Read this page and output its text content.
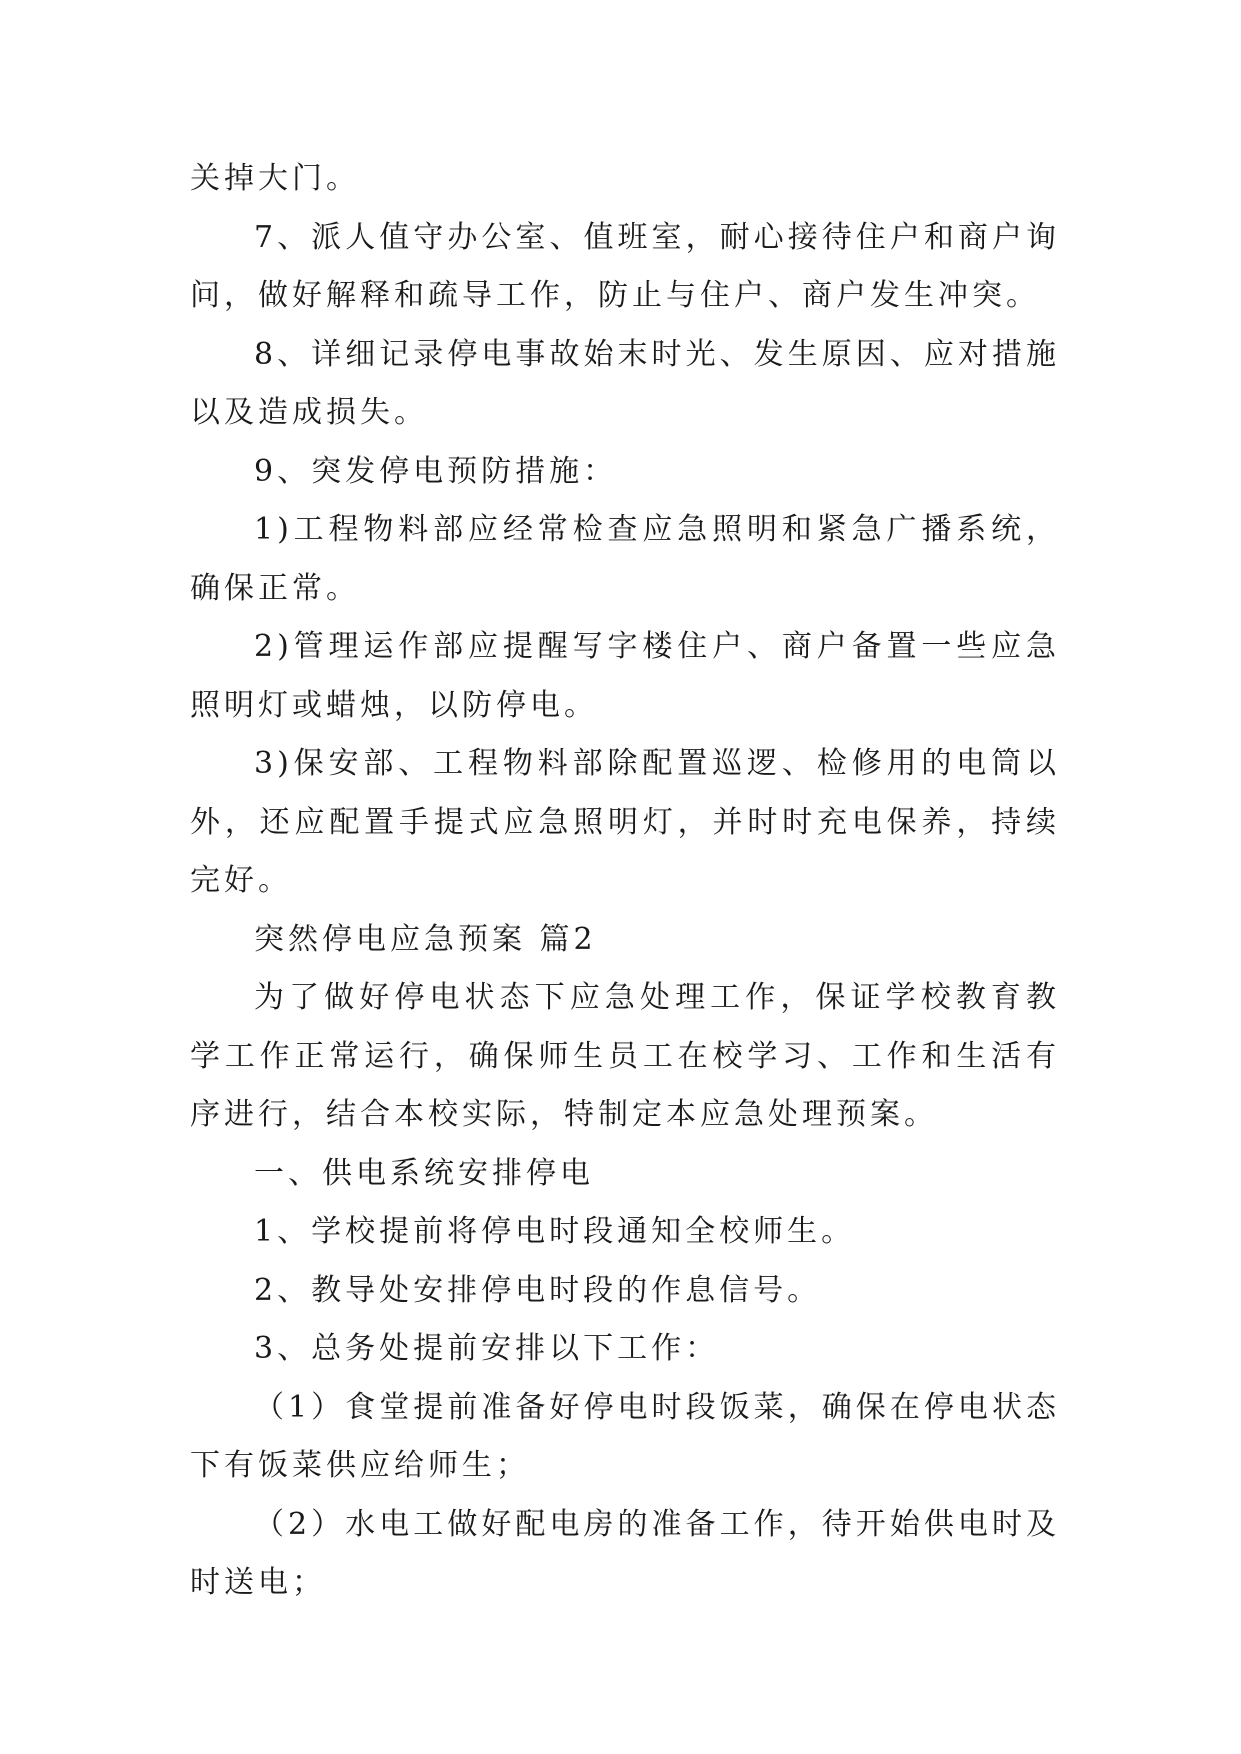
关掉大门。

7、派人值守办公室、值班室，耐心接待住户和商户询问，做好解释和疏导工作，防止与住户、商户发生冲突。

8、详细记录停电事故始末时光、发生原因、应对措施以及造成损失。

9、突发停电预防措施：

1)工程物料部应经常检查应急照明和紧急广播系统，确保正常。

2)管理运作部应提醒写字楼住户、商户备置一些应急照明灯或蜡烛，以防停电。

3)保安部、工程物料部除配置巡逻、检修用的电筒以外，还应配置手提式应急照明灯，并时时充电保养，持续完好。

突然停电应急预案 篇2

为了做好停电状态下应急处理工作，保证学校教育教学工作正常运行，确保师生员工在校学习、工作和生活有序进行，结合本校实际，特制定本应急处理预案。

一、供电系统安排停电

1、学校提前将停电时段通知全校师生。

2、教导处安排停电时段的作息信号。

3、总务处提前安排以下工作：

（1）食堂提前准备好停电时段饭菜，确保在停电状态下有饭菜供应给师生；

（2）水电工做好配电房的准备工作，待开始供电时及时送电；
